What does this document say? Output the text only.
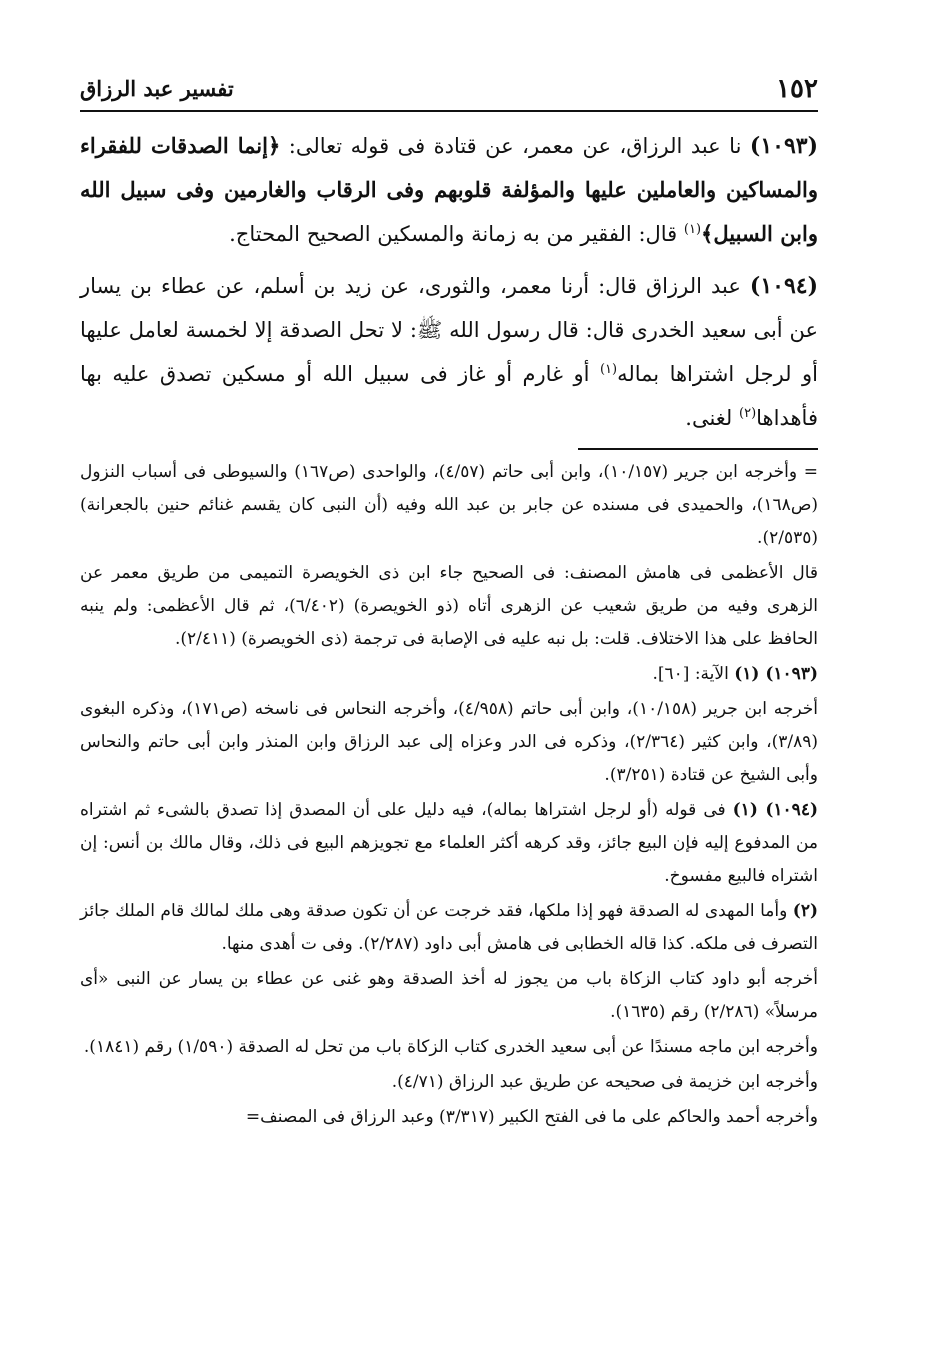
١٥٢
تفسير عبد الرزاق

(١٠٩٣) نا عبد الرزاق، عن معمر، عن قتادة فى قوله تعالى: ﴿إنما الصدقات للفقراء والمساكين والعاملين عليها والمؤلفة قلوبهم وفى الرقاب والغارمين وفى سبيل الله وابن السبيل﴾$^{(١)}$ قال: الفقير من به زمانة والمسكين الصحيح المحتاج.

(١٠٩٤) عبد الرزاق قال: أرنا معمر، والثورى، عن زيد بن أسلم، عن عطاء بن يسار عن أبى سعيد الخدرى قال: قال رسول الله ﷺ: لا تحل الصدقة إلا لخمسة لعامل عليها أو لرجل اشتراها بماله$^{(١)}$ أو غارم أو غاز فى سبيل الله أو مسكين تصدق عليه بها فأهداها$^{(٢)}$ لغنى.

= وأخرجه ابن جرير (١٠/١٥٧)، وابن أبى حاتم (٤/٥٧)، والواحدى (ص١٦٧) والسيوطى فى أسباب النزول (ص١٦٨)، والحميدى فى مسنده عن جابر بن عبد الله وفيه (أن النبى كان يقسم غنائم حنين بالجعرانة) (٢/٥٣٥).

قال الأعظمى فى هامش المصنف: فى الصحيح جاء ابن ذى الخويصرة التميمى من طريق معمر عن الزهرى وفيه من طريق شعيب عن الزهرى أتاه (ذو الخويصرة) (٦/٤٠٢)، ثم قال الأعظمى: ولم ينبه الحافظ على هذا الاختلاف. قلت: بل نبه عليه فى الإصابة فى ترجمة (ذى الخويصرة) (٢/٤١١).

(١٠٩٣) (١) الآية: [٦٠].

أخرجه ابن جرير (١٠/١٥٨)، وابن أبى حاتم (٤/٩٥٨)، وأخرجه النحاس فى ناسخه (ص١٧١)، وذكره البغوى (٣/٨٩)، وابن كثير (٢/٣٦٤)، وذكره فى الدر وعزاه إلى عبد الرزاق وابن المنذر وابن أبى حاتم والنحاس وأبى الشيخ عن قتادة (٣/٢٥١).

(١٠٩٤) (١) فى قوله (أو لرجل اشتراها بماله)، فيه دليل على أن المصدق إذا تصدق بالشىء ثم اشتراه من المدفوع إليه فإن البيع جائز، وقد كرهه أكثر العلماء مع تجويزهم البيع فى ذلك، وقال مالك بن أنس: إن اشتراه فالبيع مفسوخ.

(٢) وأما المهدى له الصدقة فهو إذا ملكها، فقد خرجت عن أن تكون صدقة وهى ملك لمالك قام الملك جائز التصرف فى ملكه. كذا قاله الخطابى فى هامش أبى داود (٢/٢٨٧). وفى ت أهدى منها.

أخرجه أبو داود كتاب الزكاة باب من يجوز له أخذ الصدقة وهو غنى عن عطاء بن يسار عن النبى «أى مرسلاً» (٢/٢٨٦) رقم (١٦٣٥).

وأخرجه ابن ماجه مسندًا عن أبى سعيد الخدرى كتاب الزكاة باب من تحل له الصدقة (١/٥٩٠) رقم (١٨٤١).

وأخرجه ابن خزيمة فى صحيحه عن طريق عبد الرزاق (٤/٧١).

وأخرجه أحمد والحاكم على ما فى الفتح الكبير (٣/٣١٧) وعبد الرزاق فى المصنف=
